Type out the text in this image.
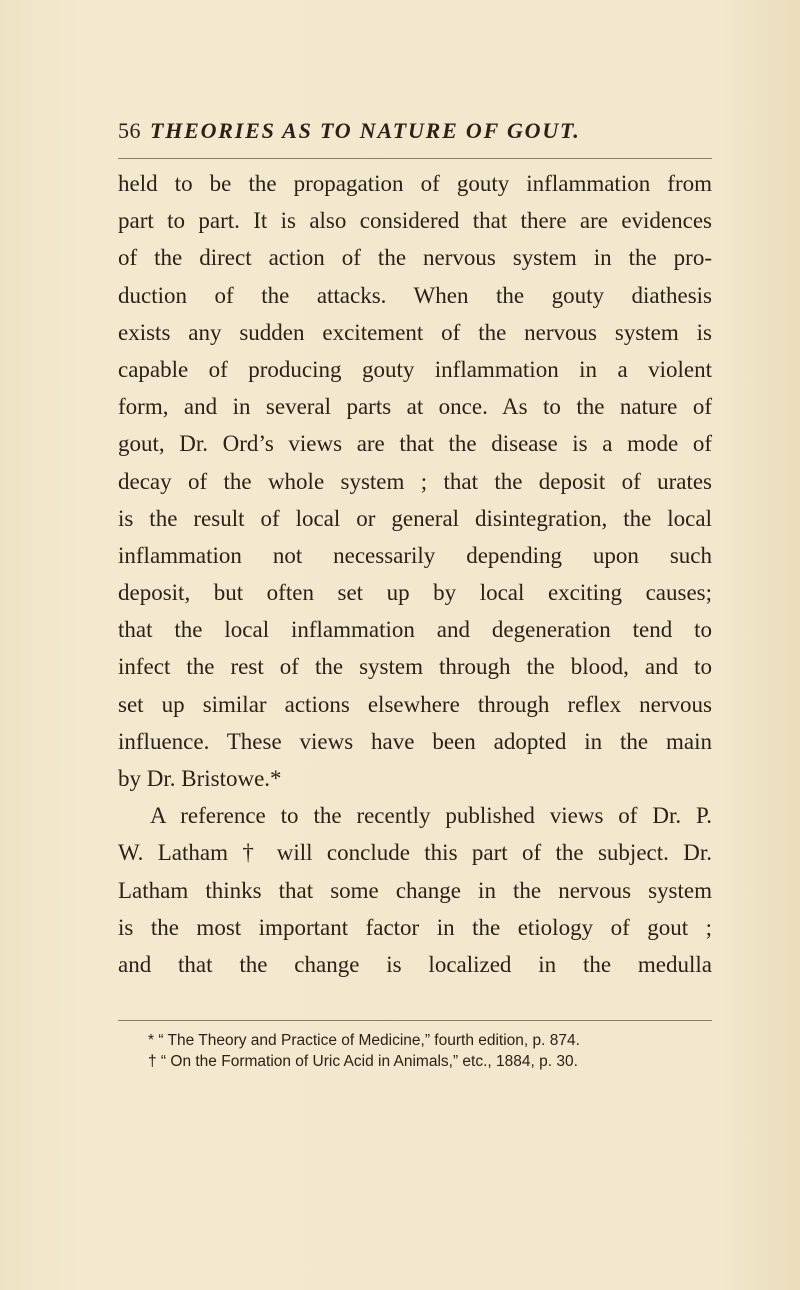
56 THEORIES AS TO NATURE OF GOUT.
held to be the propagation of gouty inflammation from
part to part. It is also considered that there are evidences
of the direct action of the nervous system in the pro-
duction of the attacks. When the gouty diathesis
exists any sudden excitement of the nervous system is
capable of producing gouty inflammation in a violent
form, and in several parts at once. As to the nature of
gout, Dr. Ord’s views are that the disease is a mode of
decay of the whole system ; that the deposit of urates
is the result of local or general disintegration, the local
inflammation not necessarily depending upon such
deposit, but often set up by local exciting causes;
that the local inflammation and degeneration tend to
infect the rest of the system through the blood, and to
set up similar actions elsewhere through reflex nervous
influence. These views have been adopted in the main
by Dr. Bristowe.*
A reference to the recently published views of Dr. P.
W. Latham † will conclude this part of the subject. Dr.
Latham thinks that some change in the nervous system
is the most important factor in the etiology of gout ;
and that the change is localized in the medulla
* “ The Theory and Practice of Medicine,” fourth edition, p. 874.
† “ On the Formation of Uric Acid in Animals,” etc., 1884, p. 30.
